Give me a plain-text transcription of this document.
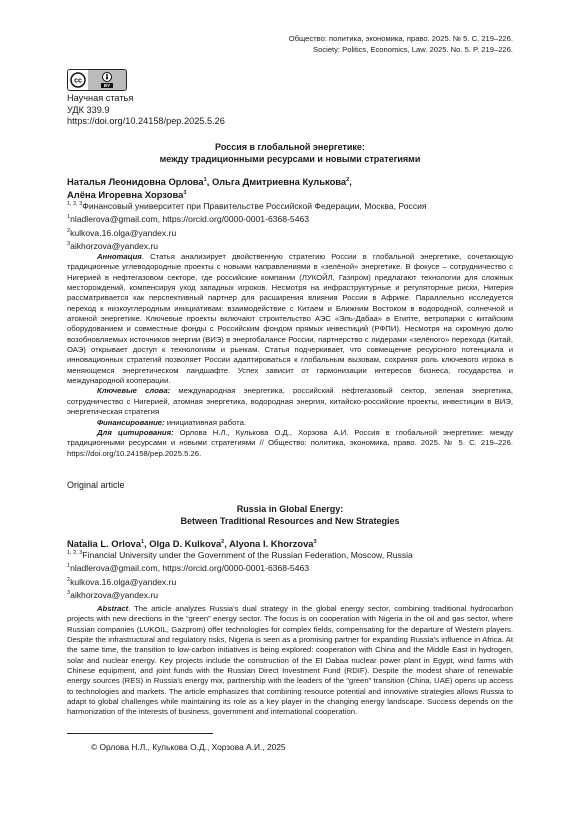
Общество: политика, экономика, право. 2025. № 5. С. 219–226.
Society: Politics, Economics, Law. 2025. No. 5. P. 219–226.
cc
BY
Научная статья
УДК 339.9
https://doi.org/10.24158/pep.2025.5.26
Россия в глобальной энергетике:
между традиционными ресурсами и новыми стратегиями
Наталья Леонидовна Орлова$^1$, Ольга Дмитриевна Кулькова$^2$,
Алёна Игоревна Хорзова$^3$
$^{1, 2, 3}$Финансовый университет при Правительстве Российской Федерации, Москва, Россия
$^1$nladlerova@gmail.com, https://orcid.org/0000-0001-6368-5463
$^2$kulkova.16.olga@yandex.ru
$^3$aikhorzova@yandex.ru

Аннотация. Статья анализирует двойственную стратегию России в глобальной энергетике, сочетающую традиционные углеводородные проекты с новыми направлениями в «зелёной» энергетике. В фокусе – сотрудничество с Нигерией в нефтегазовом секторе, где российские компании (ЛУКОЙЛ, Газпром) предлагают технологии для сложных месторождений, компенсируя уход западных игроков. Несмотря на инфраструктурные и регуляторные риски, Нигерия рассматривается как перспективный партнер для расширения влияния России в Африке. Параллельно исследуется переход к низкоуглеродным инициативам: взаимодействие с Китаем и Ближним Востоком в водородной, солнечной и атомной энергетике. Ключевые проекты включают строительство АЭС «Эль-Дабаа» в Египте, ветропарки с китайским оборудованием и совместные фонды с Российским фондом прямых инвестиций (РФПИ). Несмотря на скромную долю возобновляемых источников энергии (ВИЭ) в энергобалансе России, партнерство с лидерами «зелёного» перехода (Китай, ОАЭ) открывает доступ к технологиям и рынкам. Статья подчеркивает, что совмещение ресурсного потенциала и инновационных стратегий позволяет России адаптироваться к глобальным вызовам, сохраняя роль ключевого игрока в меняющемся энергетическом ландшафте. Успех зависит от гармонизации интересов бизнеса, государства и международной кооперации.

Ключевые слова: международная энергетика, российский нефтегазовый сектор, зеленая энергетика, сотрудничество с Нигерией, атомная энергетика, водородная энергия, китайско-российские проекты, инвестиции в ВИЭ, энергетическая стратегия

Финансирование: инициативная работа.

Для цитирования: Орлова Н.Л., Кулькова О.Д., Хорзова А.И. Россия в глобальной энергетике: между традиционными ресурсами и новыми стратегиями // Общество: политика, экономика, право. 2025. № 5. С. 219–226. https://doi.org/10.24158/pep.2025.5.26.

Original article
Russia in Global Energy:
Between Traditional Resources and New Strategies
Natalia L. Orlova$^1$, Olga D. Kulkova$^2$, Alyona I. Khorzova$^3$
$^{1, 2, 3}$Financial University under the Government of the Russian Federation, Moscow, Russia
$^1$nladlerova@gmail.com, https://orcid.org/0000-0001-6368-5463
$^2$kulkova.16.olga@yandex.ru
$^3$aikhorzova@yandex.ru

Abstract. The article analyzes Russia's dual strategy in the global energy sector, combining traditional hydrocarbon projects with new directions in the “green” energy sector. The focus is on cooperation with Nigeria in the oil and gas sector, where Russian companies (LUKOIL, Gazprom) offer technologies for complex fields, compensating for the departure of Western players. Despite the infrastructural and regulatory risks, Nigeria is seen as a promising partner for expanding Russia's influence in Africa. At the same time, the transition to low-carbon initiatives is being explored: cooperation with China and the Middle East in hydrogen, solar and nuclear energy. Key projects include the construction of the El Dabaa nuclear power plant in Egypt, wind farms with Chinese equipment, and joint funds with the Russian Direct Investment Fund (RDIF). Despite the modest share of renewable energy sources (RES) in Russia's energy mix, partnership with the leaders of the “green” transition (China, UAE) opens up access to technologies and markets. The article emphasizes that combining resource potential and innovative strategies allows Russia to adapt to global challenges while maintaining its role as a key player in the changing energy landscape. Success depends on the harmonization of the interests of business, government and international cooperation.

© Орлова Н.Л., Кулькова О.Д., Хорзова А.И., 2025
